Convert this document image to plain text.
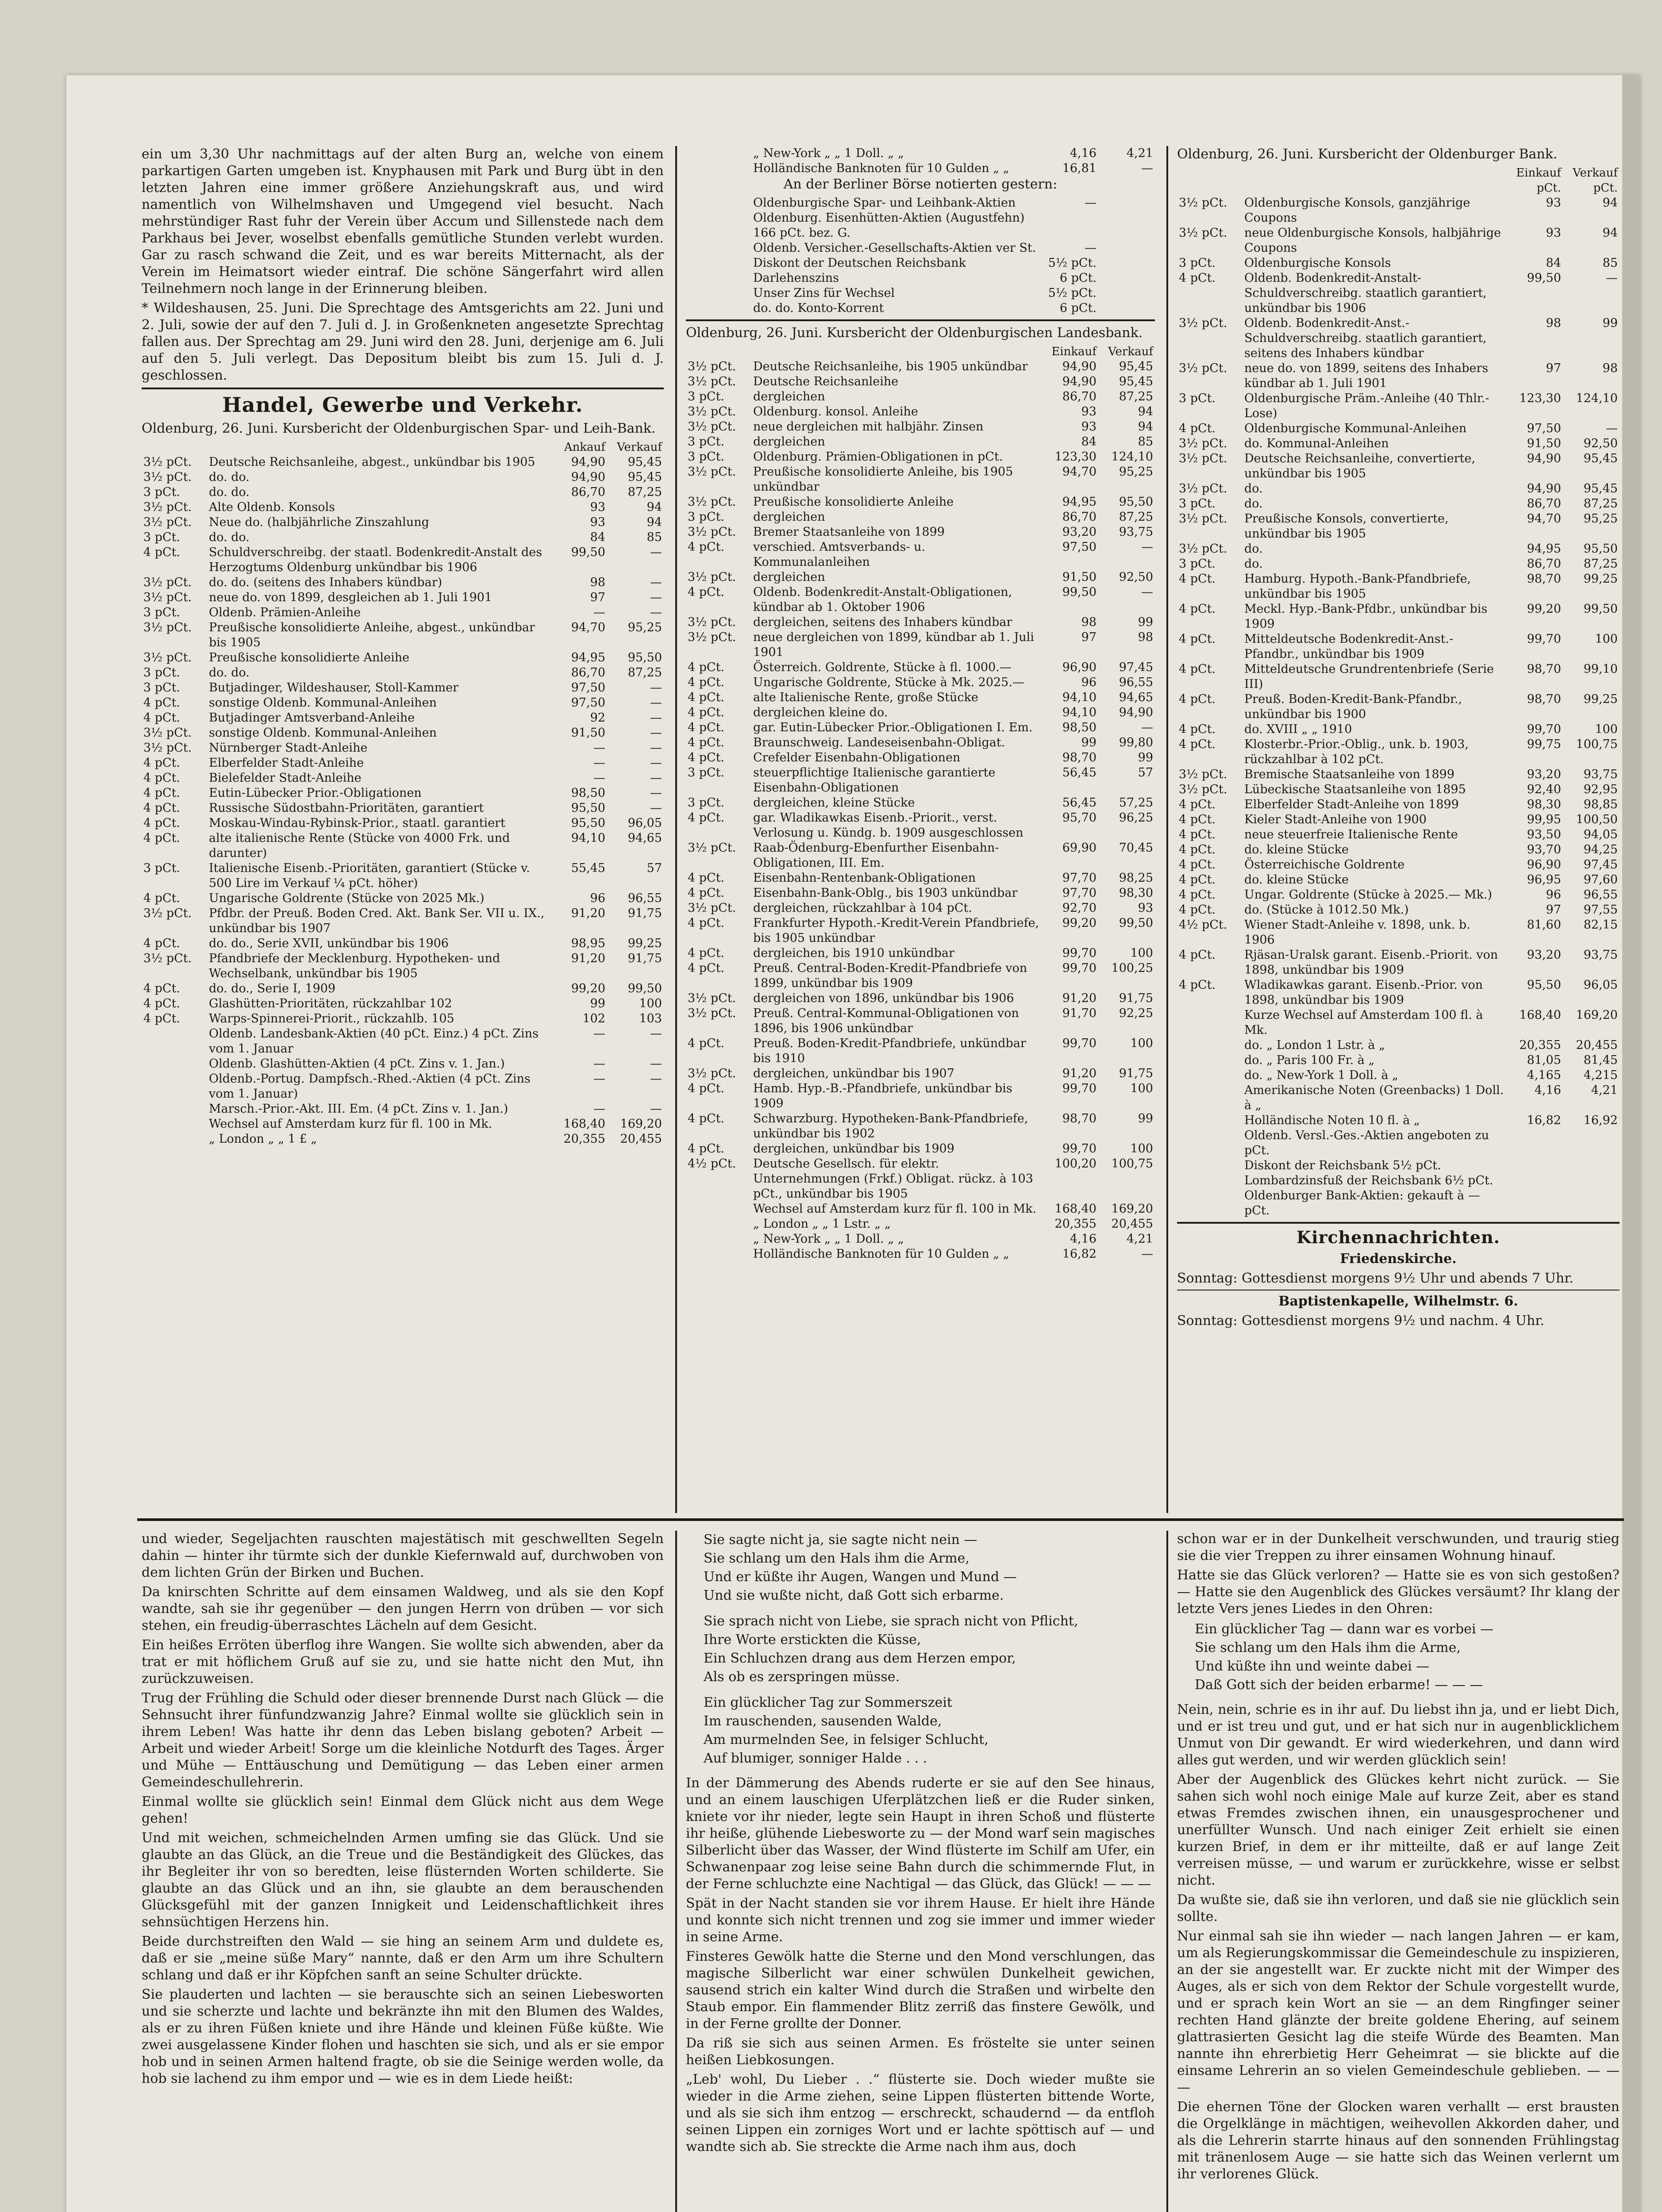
ein um 3,30 Uhr nachmittags auf der alten Burg an, welche von einem parkartigen Garten umgeben ist. Knyphausen mit Park und Burg übt in den letzten Jahren eine immer größere Anziehungskraft aus, und wird namentlich von Wilhelmshaven und Umgegend viel besucht. Nach mehrstündiger Rast fuhr der Verein über Accum und Sillenstede nach dem Parkhaus bei Jever, woselbst ebenfalls gemütliche Stunden verlebt wurden. Gar zu rasch schwand die Zeit, und es war bereits Mitternacht, als der Verein im Heimatsort wieder eintraf. Die schöne Sängerfahrt wird allen Teilnehmern noch lange in der Erinnerung bleiben.

* Wildeshausen, 25. Juni. Die Sprechtage des Amtsgerichts am 22. Juni und 2. Juli, sowie der auf den 7. Juli d. J. in Großenkneten angesetzte Sprechtag fallen aus. Der Sprechtag am 29. Juni wird den 28. Juni, derjenige am 6. Juli auf den 5. Juli verlegt. Das Depositum bleibt bis zum 15. Juli d. J. geschlossen.

Handel, Gewerbe und Verkehr.
Oldenburg, 26. Juni. Kursbericht der Oldenburgischen Spar- und Leih-Bank.
		Ankauf	Verkauf
3½ pCt.	Deutsche Reichsanleihe, abgest., unkündbar bis 1905	94,90	95,45
3½ pCt.	do. do.	94,90	95,45
3 pCt.	do. do.	86,70	87,25
3½ pCt.	Alte Oldenb. Konsols	93	94
3½ pCt.	Neue do. (halbjährliche Zinszahlung	93	94
3 pCt.	do. do.	84	85
4 pCt.	Schuldverschreibg. der staatl. Bodenkredit-Anstalt des Herzogtums Oldenburg unkündbar bis 1906	99,50	—
3½ pCt.	do. do. (seitens des Inhabers kündbar)	98	—
3½ pCt.	neue do. von 1899, desgleichen ab 1. Juli 1901	97	—
3 pCt.	Oldenb. Prämien-Anleihe	—	—
3½ pCt.	Preußische konsolidierte Anleihe, abgest., unkündbar bis 1905	94,70	95,25
3½ pCt.	Preußische konsolidierte Anleihe	94,95	95,50
3 pCt.	do. do.	86,70	87,25
3 pCt.	Butjadinger, Wildeshauser, Stoll-Kammer	97,50	—
4 pCt.	sonstige Oldenb. Kommunal-Anleihen	97,50	—
4 pCt.	Butjadinger Amtsverband-Anleihe	92	—
3½ pCt.	sonstige Oldenb. Kommunal-Anleihen	91,50	—
3½ pCt.	Nürnberger Stadt-Anleihe	—	—
4 pCt.	Elberfelder Stadt-Anleihe	—	—
4 pCt.	Bielefelder Stadt-Anleihe	—	—
4 pCt.	Eutin-Lübecker Prior.-Obligationen	98,50	—
4 pCt.	Russische Südostbahn-Prioritäten, garantiert	95,50	—
4 pCt.	Moskau-Windau-Rybinsk-Prior., staatl. garantiert	95,50	96,05
4 pCt.	alte italienische Rente (Stücke von 4000 Frk. und darunter)	94,10	94,65
3 pCt.	Italienische Eisenb.-Prioritäten, garantiert (Stücke v. 500 Lire im Verkauf ¼ pCt. höher)	55,45	57
4 pCt.	Ungarische Goldrente (Stücke von 2025 Mk.)	96	96,55
3½ pCt.	Pfdbr. der Preuß. Boden Cred. Akt. Bank Ser. VII u. IX., unkündbar bis 1907	91,20	91,75
4 pCt.	do. do., Serie XVII, unkündbar bis 1906	98,95	99,25
3½ pCt.	Pfandbriefe der Mecklenburg. Hypotheken- und Wechselbank, unkündbar bis 1905	91,20	91,75
4 pCt.	do. do., Serie I, 1909	99,20	99,50
4 pCt.	Glashütten-Prioritäten, rückzahlbar 102	99	100
4 pCt.	Warps-Spinnerei-Priorit., rückzahlb. 105	102	103
	Oldenb. Landesbank-Aktien (40 pCt. Einz.) 4 pCt. Zins vom 1. Januar	—	—
	Oldenb. Glashütten-Aktien (4 pCt. Zins v. 1. Jan.)	—	—
	Oldenb.-Portug. Dampfsch.-Rhed.-Aktien (4 pCt. Zins vom 1. Januar)	—	—
	Marsch.-Prior.-Akt. III. Em. (4 pCt. Zins v. 1. Jan.)	—	—
	Wechsel auf Amsterdam kurz für fl. 100 in Mk.	168,40	169,20
	„ London „ „ 1 £ „	20,355	20,455
	„ New-York „ „ 1 Doll. „ „	4,16	4,21
	Holländische Banknoten für 10 Gulden „ „	16,81	—
An der Berliner Börse notierten gestern:
	Oldenburgische Spar- und Leihbank-Aktien	—	
	Oldenburg. Eisenhütten-Aktien (Augustfehn) 166 pCt. bez. G.		
	Oldenb. Versicher.-Gesellschafts-Aktien ver St.	—	
	Diskont der Deutschen Reichsbank	5½ pCt.	
	Darlehenszins	6 pCt.	
	Unser Zins für Wechsel	5½ pCt.	
	do. do. Konto-Korrent	6 pCt.	
Oldenburg, 26. Juni. Kursbericht der Oldenburgischen Landesbank.
		Einkauf	Verkauf
3½ pCt.	Deutsche Reichsanleihe, bis 1905 unkündbar	94,90	95,45
3½ pCt.	Deutsche Reichsanleihe	94,90	95,45
3 pCt.	dergleichen	86,70	87,25
3½ pCt.	Oldenburg. konsol. Anleihe	93	94
3½ pCt.	neue dergleichen mit halbjähr. Zinsen	93	94
3 pCt.	dergleichen	84	85
3 pCt.	Oldenburg. Prämien-Obligationen in pCt.	123,30	124,10
3½ pCt.	Preußische konsolidierte Anleihe, bis 1905 unkündbar	94,70	95,25
3½ pCt.	Preußische konsolidierte Anleihe	94,95	95,50
3 pCt.	dergleichen	86,70	87,25
3½ pCt.	Bremer Staatsanleihe von 1899	93,20	93,75
4 pCt.	verschied. Amtsverbands- u. Kommunalanleihen	97,50	—
3½ pCt.	dergleichen	91,50	92,50
4 pCt.	Oldenb. Bodenkredit-Anstalt-Obligationen, kündbar ab 1. Oktober 1906	99,50	—
3½ pCt.	dergleichen, seitens des Inhabers kündbar	98	99
3½ pCt.	neue dergleichen von 1899, kündbar ab 1. Juli 1901	97	98
4 pCt.	Österreich. Goldrente, Stücke à fl. 1000.—	96,90	97,45
4 pCt.	Ungarische Goldrente, Stücke à Mk. 2025.—	96	96,55
4 pCt.	alte Italienische Rente, große Stücke	94,10	94,65
4 pCt.	dergleichen kleine do.	94,10	94,90
4 pCt.	gar. Eutin-Lübecker Prior.-Obligationen I. Em.	98,50	—
4 pCt.	Braunschweig. Landeseisenbahn-Obligat.	99	99,80
4 pCt.	Crefelder Eisenbahn-Obligationen	98,70	99
3 pCt.	steuerpflichtige Italienische garantierte Eisenbahn-Obligationen	56,45	57
3 pCt.	dergleichen, kleine Stücke	56,45	57,25
4 pCt.	gar. Wladikawkas Eisenb.-Priorit., verst. Verlosung u. Kündg. b. 1909 ausgeschlossen	95,70	96,25
3½ pCt.	Raab-Ödenburg-Ebenfurther Eisenbahn-Obligationen, III. Em.	69,90	70,45
4 pCt.	Eisenbahn-Rentenbank-Obligationen	97,70	98,25
4 pCt.	Eisenbahn-Bank-Oblg., bis 1903 unkündbar	97,70	98,30
3½ pCt.	dergleichen, rückzahlbar à 104 pCt.	92,70	93
4 pCt.	Frankfurter Hypoth.-Kredit-Verein Pfandbriefe, bis 1905 unkündbar	99,20	99,50
4 pCt.	dergleichen, bis 1910 unkündbar	99,70	100
4 pCt.	Preuß. Central-Boden-Kredit-Pfandbriefe von 1899, unkündbar bis 1909	99,70	100,25
3½ pCt.	dergleichen von 1896, unkündbar bis 1906	91,20	91,75
3½ pCt.	Preuß. Central-Kommunal-Obligationen von 1896, bis 1906 unkündbar	91,70	92,25
4 pCt.	Preuß. Boden-Kredit-Pfandbriefe, unkündbar bis 1910	99,70	100
3½ pCt.	dergleichen, unkündbar bis 1907	91,20	91,75
4 pCt.	Hamb. Hyp.-B.-Pfandbriefe, unkündbar bis 1909	99,70	100
4 pCt.	Schwarzburg. Hypotheken-Bank-Pfandbriefe, unkündbar bis 1902	98,70	99
4 pCt.	dergleichen, unkündbar bis 1909	99,70	100
4½ pCt.	Deutsche Gesellsch. für elektr. Unternehmungen (Frkf.) Obligat. rückz. à 103 pCt., unkündbar bis 1905	100,20	100,75
	Wechsel auf Amsterdam kurz für fl. 100 in Mk.	168,40	169,20
	„ London „ „ 1 Lstr. „ „	20,355	20,455
	„ New-York „ „ 1 Doll. „ „	4,16	4,21
	Holländische Banknoten für 10 Gulden „ „	16,82	—
Oldenburg, 26. Juni. Kursbericht der Oldenburger Bank.
		Einkauf	Verkauf
		pCt.	pCt.
3½ pCt.	Oldenburgische Konsols, ganzjährige Coupons	93	94
3½ pCt.	neue Oldenburgische Konsols, halbjährige Coupons	93	94
3 pCt.	Oldenburgische Konsols	84	85
4 pCt.	Oldenb. Bodenkredit-Anstalt-Schuldverschreibg. staatlich garantiert, unkündbar bis 1906	99,50	—
3½ pCt.	Oldenb. Bodenkredit-Anst.-Schuldverschreibg. staatlich garantiert, seitens des Inhabers kündbar	98	99
3½ pCt.	neue do. von 1899, seitens des Inhabers kündbar ab 1. Juli 1901	97	98
3 pCt.	Oldenburgische Präm.-Anleihe (40 Thlr.-Lose)	123,30	124,10
4 pCt.	Oldenburgische Kommunal-Anleihen	97,50	—
3½ pCt.	do. Kommunal-Anleihen	91,50	92,50
3½ pCt.	Deutsche Reichsanleihe, convertierte, unkündbar bis 1905	94,90	95,45
3½ pCt.	do.	94,90	95,45
3 pCt.	do.	86,70	87,25
3½ pCt.	Preußische Konsols, convertierte, unkündbar bis 1905	94,70	95,25
3½ pCt.	do.	94,95	95,50
3 pCt.	do.	86,70	87,25
4 pCt.	Hamburg. Hypoth.-Bank-Pfandbriefe, unkündbar bis 1905	98,70	99,25
4 pCt.	Meckl. Hyp.-Bank-Pfdbr., unkündbar bis 1909	99,20	99,50
4 pCt.	Mitteldeutsche Bodenkredit-Anst.-Pfandbr., unkündbar bis 1909	99,70	100
4 pCt.	Mitteldeutsche Grundrentenbriefe (Serie III)	98,70	99,10
4 pCt.	Preuß. Boden-Kredit-Bank-Pfandbr., unkündbar bis 1900	98,70	99,25
4 pCt.	do. XVIII „ „ 1910	99,70	100
4 pCt.	Klosterbr.-Prior.-Oblig., unk. b. 1903, rückzahlbar à 102 pCt.	99,75	100,75
3½ pCt.	Bremische Staatsanleihe von 1899	93,20	93,75
3½ pCt.	Lübeckische Staatsanleihe von 1895	92,40	92,95
4 pCt.	Elberfelder Stadt-Anleihe von 1899	98,30	98,85
4 pCt.	Kieler Stadt-Anleihe von 1900	99,95	100,50
4 pCt.	neue steuerfreie Italienische Rente	93,50	94,05
4 pCt.	do. kleine Stücke	93,70	94,25
4 pCt.	Österreichische Goldrente	96,90	97,45
4 pCt.	do. kleine Stücke	96,95	97,60
4 pCt.	Ungar. Goldrente (Stücke à 2025.— Mk.)	96	96,55
4 pCt.	do. (Stücke à 1012.50 Mk.)	97	97,55
4½ pCt.	Wiener Stadt-Anleihe v. 1898, unk. b. 1906	81,60	82,15
4 pCt.	Rjäsan-Uralsk garant. Eisenb.-Priorit. von 1898, unkündbar bis 1909	93,20	93,75
4 pCt.	Wladikawkas garant. Eisenb.-Prior. von 1898, unkündbar bis 1909	95,50	96,05
	Kurze Wechsel auf Amsterdam 100 fl. à Mk.	168,40	169,20
	do. „ London 1 Lstr. à „	20,355	20,455
	do. „ Paris 100 Fr. à „	81,05	81,45
	do. „ New-York 1 Doll. à „	4,165	4,215
	Amerikanische Noten (Greenbacks) 1 Doll. à „	4,16	4,21
	Holländische Noten 10 fl. à „	16,82	16,92
	Oldenb. Versl.-Ges.-Aktien angeboten zu pCt.		
	Diskont der Reichsbank 5½ pCt.		
	Lombardzinsfuß der Reichsbank 6½ pCt.		
	Oldenburger Bank-Aktien: gekauft à — pCt.		
Kirchennachrichten.
Friedenskirche.
Sonntag: Gottesdienst morgens 9½ Uhr und abends 7 Uhr.
Baptistenkapelle, Wilhelmstr. 6.
Sonntag: Gottesdienst morgens 9½ und nachm. 4 Uhr.

und wieder, Segeljachten rauschten majestätisch mit geschwellten Segeln dahin — hinter ihr türmte sich der dunkle Kiefernwald auf, durchwoben von dem lichten Grün der Birken und Buchen.

Da knirschten Schritte auf dem einsamen Waldweg, und als sie den Kopf wandte, sah sie ihr gegenüber — den jungen Herrn von drüben — vor sich stehen, ein freudig-überraschtes Lächeln auf dem Gesicht.

Ein heißes Erröten überflog ihre Wangen. Sie wollte sich abwenden, aber da trat er mit höflichem Gruß auf sie zu, und sie hatte nicht den Mut, ihn zurückzuweisen.

Trug der Frühling die Schuld oder dieser brennende Durst nach Glück — die Sehnsucht ihrer fünfundzwanzig Jahre? Einmal wollte sie glücklich sein in ihrem Leben! Was hatte ihr denn das Leben bislang geboten? Arbeit — Arbeit und wieder Arbeit! Sorge um die kleinliche Notdurft des Tages. Ärger und Mühe — Enttäuschung und Demütigung — das Leben einer armen Gemeindeschullehrerin.

Einmal wollte sie glücklich sein! Einmal dem Glück nicht aus dem Wege gehen!

Und mit weichen, schmeichelnden Armen umfing sie das Glück. Und sie glaubte an das Glück, an die Treue und die Beständigkeit des Glückes, das ihr Begleiter ihr von so beredten, leise flüsternden Worten schilderte. Sie glaubte an das Glück und an ihn, sie glaubte an dem berauschenden Glücksgefühl mit der ganzen Innigkeit und Leidenschaftlichkeit ihres sehnsüchtigen Herzens hin.

Beide durchstreiften den Wald — sie hing an seinem Arm und duldete es, daß er sie „meine süße Mary“ nannte, daß er den Arm um ihre Schultern schlang und daß er ihr Köpfchen sanft an seine Schulter drückte.

Sie plauderten und lachten — sie berauschte sich an seinen Liebesworten und sie scherzte und lachte und bekränzte ihn mit den Blumen des Waldes, als er zu ihren Füßen kniete und ihre Hände und kleinen Füße küßte. Wie zwei ausgelassene Kinder flohen und haschten sie sich, und als er sie empor hob und in seinen Armen haltend fragte, ob sie die Seinige werden wolle, da hob sie lachend zu ihm empor und — wie es in dem Liede heißt:

Sie sagte nicht ja, sie sagte nicht nein —
Sie schlang um den Hals ihm die Arme,
Und er küßte ihr Augen, Wangen und Mund —
Und sie wußte nicht, daß Gott sich erbarme.
Sie sprach nicht von Liebe, sie sprach nicht von Pflicht,
Ihre Worte erstickten die Küsse,
Ein Schluchzen drang aus dem Herzen empor,
Als ob es zerspringen müsse.
Ein glücklicher Tag zur Sommerszeit
Im rauschenden, sausenden Walde,
Am murmelnden See, in felsiger Schlucht,
Auf blumiger, sonniger Halde . . .

In der Dämmerung des Abends ruderte er sie auf den See hinaus, und an einem lauschigen Uferplätzchen ließ er die Ruder sinken, kniete vor ihr nieder, legte sein Haupt in ihren Schoß und flüsterte ihr heiße, glühende Liebesworte zu — der Mond warf sein magisches Silberlicht über das Wasser, der Wind flüsterte im Schilf am Ufer, ein Schwanenpaar zog leise seine Bahn durch die schimmernde Flut, in der Ferne schluchzte eine Nachtigal — das Glück, das Glück! — — —

Spät in der Nacht standen sie vor ihrem Hause. Er hielt ihre Hände und konnte sich nicht trennen und zog sie immer und immer wieder in seine Arme.

Finsteres Gewölk hatte die Sterne und den Mond verschlungen, das magische Silberlicht war einer schwülen Dunkelheit gewichen, sausend strich ein kalter Wind durch die Straßen und wirbelte den Staub empor. Ein flammender Blitz zerriß das finstere Gewölk, und in der Ferne grollte der Donner.

Da riß sie sich aus seinen Armen. Es fröstelte sie unter seinen heißen Liebkosungen.

„Leb' wohl, Du Lieber . .“ flüsterte sie. Doch wieder mußte sie wieder in die Arme ziehen, seine Lippen flüsterten bittende Worte, und als sie sich ihm entzog — erschreckt, schaudernd — da entfloh seinen Lippen ein zorniges Wort und er lachte spöttisch auf — und wandte sich ab. Sie streckte die Arme nach ihm aus, doch

schon war er in der Dunkelheit verschwunden, und traurig stieg sie die vier Treppen zu ihrer einsamen Wohnung hinauf.

Hatte sie das Glück verloren? — Hatte sie es von sich gestoßen? — Hatte sie den Augenblick des Glückes versäumt? Ihr klang der letzte Vers jenes Liedes in den Ohren:

Ein glücklicher Tag — dann war es vorbei —
Sie schlang um den Hals ihm die Arme,
Und küßte ihn und weinte dabei —
Daß Gott sich der beiden erbarme! — — —

Nein, nein, schrie es in ihr auf. Du liebst ihn ja, und er liebt Dich, und er ist treu und gut, und er hat sich nur in augenblicklichem Unmut von Dir gewandt. Er wird wiederkehren, und dann wird alles gut werden, und wir werden glücklich sein!

Aber der Augenblick des Glückes kehrt nicht zurück. — Sie sahen sich wohl noch einige Male auf kurze Zeit, aber es stand etwas Fremdes zwischen ihnen, ein unausgesprochener und unerfüllter Wunsch. Und nach einiger Zeit erhielt sie einen kurzen Brief, in dem er ihr mitteilte, daß er auf lange Zeit verreisen müsse, — und warum er zurückkehre, wisse er selbst nicht.

Da wußte sie, daß sie ihn verloren, und daß sie nie glücklich sein sollte.

Nur einmal sah sie ihn wieder — nach langen Jahren — er kam, um als Regierungskommissar die Gemeindeschule zu inspizieren, an der sie angestellt war. Er zuckte nicht mit der Wimper des Auges, als er sich von dem Rektor der Schule vorgestellt wurde, und er sprach kein Wort an sie — an dem Ringfinger seiner rechten Hand glänzte der breite goldene Ehering, auf seinem glattrasierten Gesicht lag die steife Würde des Beamten. Man nannte ihn ehrerbietig Herr Geheimrat — sie blickte auf die einsame Lehrerin an so vielen Gemeindeschule geblieben. — — —

Die ehernen Töne der Glocken waren verhallt — erst brausten die Orgelklänge in mächtigen, weihevollen Akkorden daher, und als die Lehrerin starrte hinaus auf den sonnenden Frühlingstag mit tränenlosem Auge — sie hatte sich das Weinen verlernt um ihr verlorenes Glück.
